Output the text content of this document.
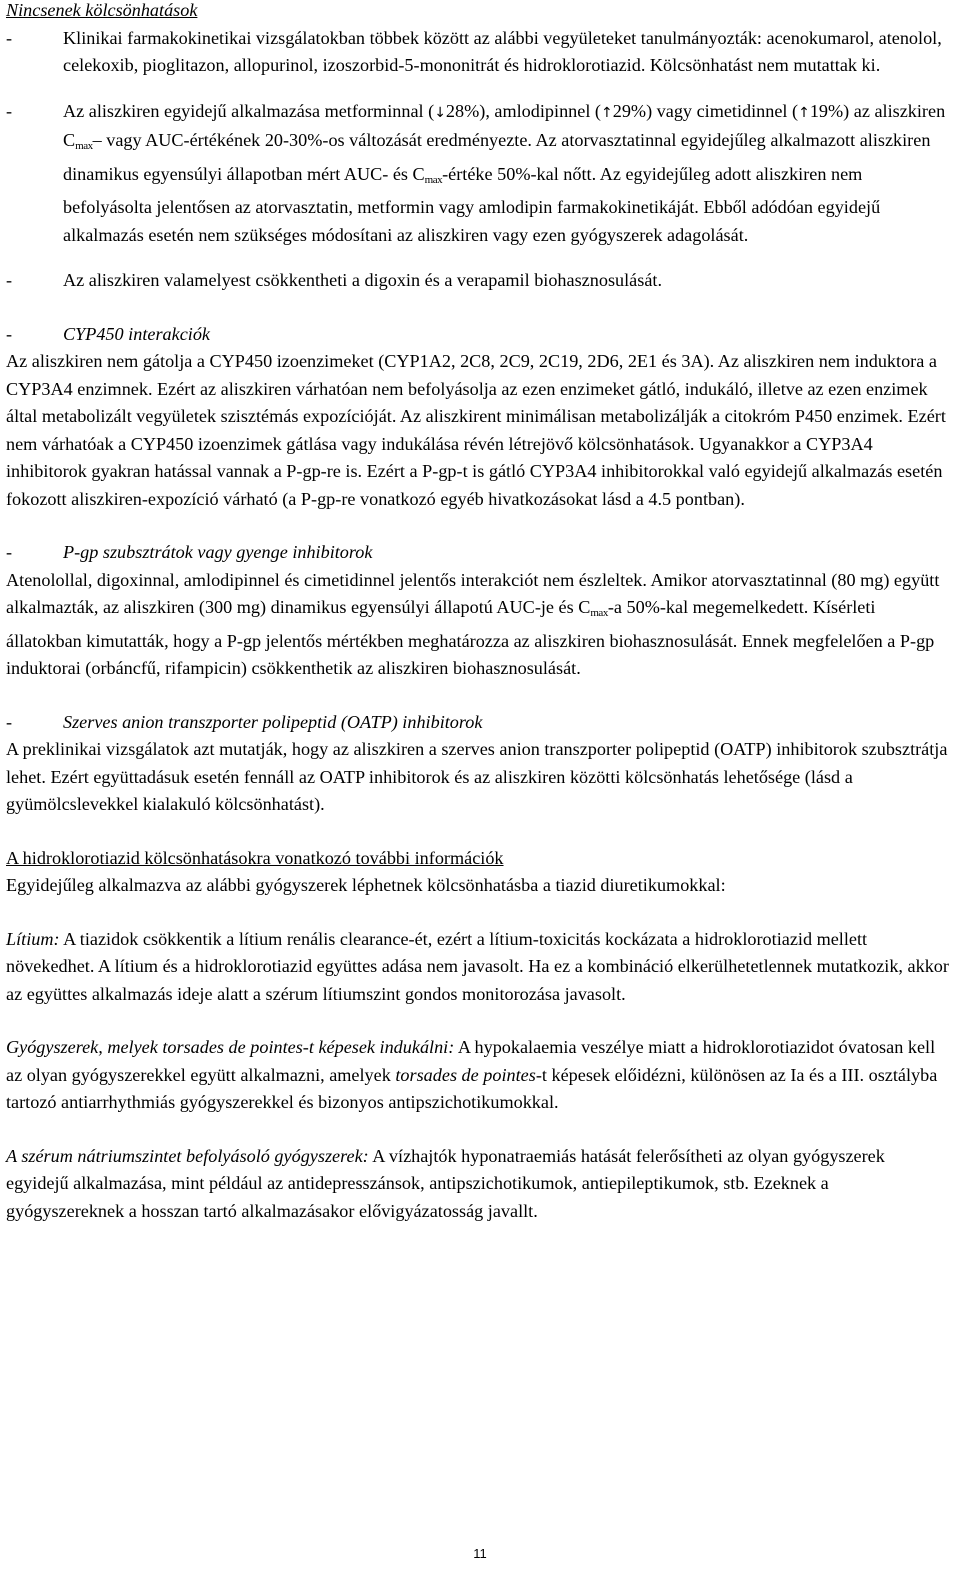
Nincsenek kölcsönhatások

-	Klinikai farmakokinetikai vizsgálatokban többek között az alábbi vegyületeket tanulmányozták: acenokumarol, atenolol, celekoxib, pioglitazon, allopurinol, izoszorbid-5-mononitrát és hidroklorotiazid. Kölcsönhatást nem mutattak ki.
-	Az aliszkiren egyidejű alkalmazása metforminnal (↓28%), amlodipinnel (↑29%) vagy cimetidinnel (↑19%) az aliszkiren $C_{max}-$ vagy AUC-értékének 20-30%-os változását eredményezte. Az atorvasztatinnal egyidejűleg alkalmazott aliszkiren dinamikus egyensúlyi állapotban mért AUC- és $C_{max}$-értéke 50%-kal nőtt. Az egyidejűleg adott aliszkiren nem befolyásolta jelentősen az atorvasztatin, metformin vagy amlodipin farmakokinetikáját. Ebből adódóan egyidejű alkalmazás esetén nem szükséges módosítani az aliszkiren vagy ezen gyógyszerek adagolását.
-	Az aliszkiren valamelyest csökkentheti a digoxin és a verapamil biohasznosulását.
-	CYP450 interakciók

Az aliszkiren nem gátolja a CYP450 izoenzimeket (CYP1A2, 2C8, 2C9, 2C19, 2D6, 2E1 és 3A). Az aliszkiren nem induktora a CYP3A4 enzimnek. Ezért az aliszkiren várhatóan nem befolyásolja az ezen enzimeket gátló, indukáló, illetve az ezen enzimek által metabolizált vegyületek szisztémás expozícióját. Az aliszkirent minimálisan metabolizálják a citokróm P450 enzimek. Ezért nem várhatóak a CYP450 izoenzimek gátlása vagy indukálása révén létrejövő kölcsönhatások. Ugyanakkor a CYP3A4 inhibitorok gyakran hatással vannak a P-gp-re is. Ezért a P-gp-t is gátló CYP3A4 inhibitorokkal való egyidejű alkalmazás esetén fokozott aliszkiren-expozíció várható (a P-gp-re vonatkozó egyéb hivatkozásokat lásd a 4.5 pontban).

-	P-gp szubsztrátok vagy gyenge inhibitorok

Atenolollal, digoxinnal, amlodipinnel és cimetidinnel jelentős interakciót nem észleltek. Amikor atorvasztatinnal (80 mg) együtt alkalmazták, az aliszkiren (300 mg) dinamikus egyensúlyi állapotú AUC-je és $C_{max}-a$ 50%-kal megemelkedett. Kísérleti állatokban kimutatták, hogy a P-gp jelentős mértékben meghatározza az aliszkiren biohasznosulását. Ennek megfelelően a P-gp induktorai (orbáncfű, rifampicin) csökkenthetik az aliszkiren biohasznosulását.

-	Szerves anion transzporter polipeptid (OATP) inhibitorok

A preklinikai vizsgálatok azt mutatják, hogy az aliszkiren a szerves anion transzporter polipeptid (OATP) inhibitorok szubsztrátja lehet. Ezért együttadásuk esetén fennáll az OATP inhibitorok és az aliszkiren közötti kölcsönhatás lehetősége (lásd a gyümölcslevekkel kialakuló kölcsönhatást).

A hidroklorotiazid kölcsönhatásokra vonatkozó további információk

Egyidejűleg alkalmazva az alábbi gyógyszerek léphetnek kölcsönhatásba a tiazid diuretikumokkal:

Lítium: A tiazidok csökkentik a lítium renális clearance-ét, ezért a lítium-toxicitás kockázata a hidroklorotiazid mellett növekedhet. A lítium és a hidroklorotiazid együttes adása nem javasolt. Ha ez a kombináció elkerülhetetlennek mutatkozik, akkor az együttes alkalmazás ideje alatt a szérum lítiumszint gondos monitorozása javasolt.

Gyógyszerek, melyek torsades de pointes-t képesek indukálni: A hypokalaemia veszélye miatt a hidroklorotiazidot óvatosan kell az olyan gyógyszerekkel együtt alkalmazni, amelyek torsades de pointes-t képesek előidézni, különösen az Ia és a III. osztályba tartozó antiarrhythmiás gyógyszerekkel és bizonyos antipszichotikumokkal.

A szérum nátriumszintet befolyásoló gyógyszerek: A vízhajtók hyponatraemiás hatását felerősítheti az olyan gyógyszerek egyidejű alkalmazása, mint például az antidepresszánsok, antipszichotikumok, antiepileptikumok, stb. Ezeknek a gyógyszereknek a hosszan tartó alkalmazásakor elővigyázatosság javallt.

11
